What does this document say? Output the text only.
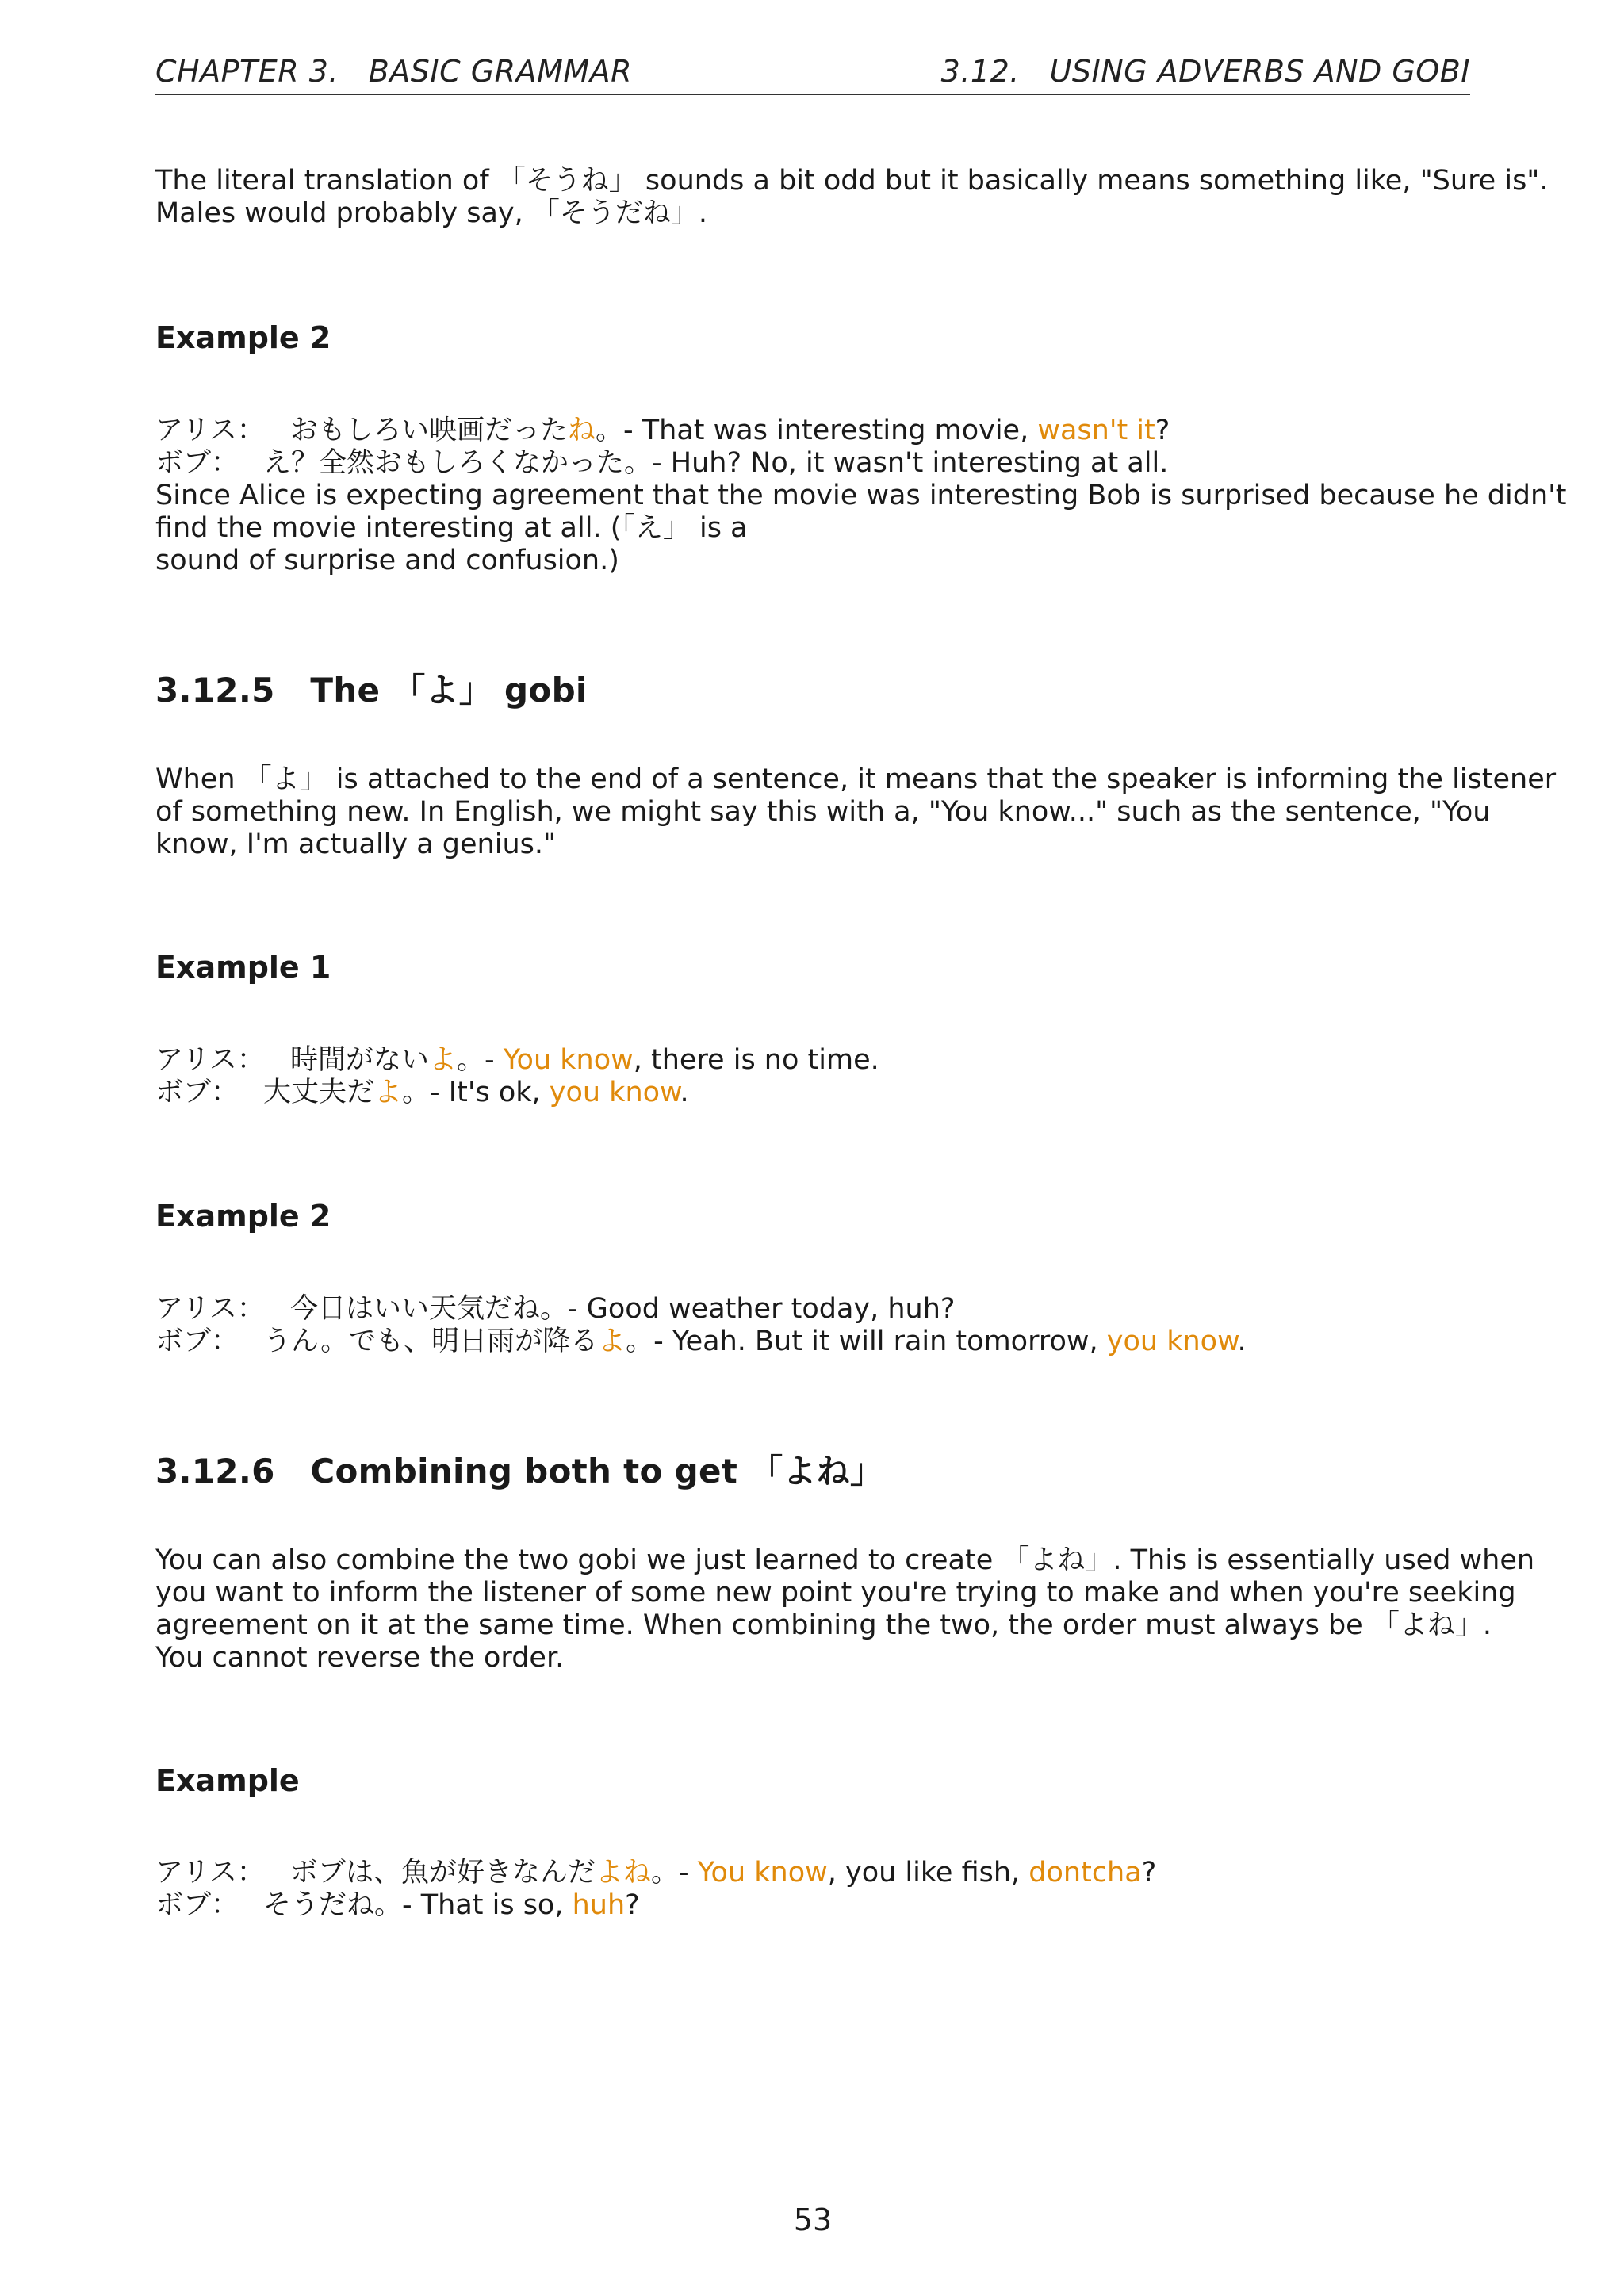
CHAPTER 3.   BASIC GRAMMAR	3.12.   USING ADVERBS AND GOBI
The literal translation of 「そうね」 sounds a bit odd but it basically means something like, "Sure is".
Males would probably say, 「そうだね」.

Example 2

アリス： おもしろい映画だったね。- That was interesting movie, wasn't it?
ボブ： え？全然おもしろくなかった。- Huh? No, it wasn't interesting at all.
Since Alice is expecting agreement that the movie was interesting Bob is surprised because he didn't
find the movie interesting at all. (「え」 is a
sound of surprise and confusion.)

3.12.5   The 「よ」 gobi

When 「よ」 is attached to the end of a sentence, it means that the speaker is informing the listener
of something new. In English, we might say this with a, "You know..." such as the sentence, "You
know, I'm actually a genius."

Example 1

アリス： 時間がないよ。- You know, there is no time.
ボブ： 大丈夫だよ。- It's ok, you know.

Example 2

アリス： 今日はいい天気だね。- Good weather today, huh?
ボブ： うん。でも、明日雨が降るよ。- Yeah. But it will rain tomorrow, you know.

3.12.6   Combining both to get 「よね」

You can also combine the two gobi we just learned to create 「よね」. This is essentially used when
you want to inform the listener of some new point you're trying to make and when you're seeking
agreement on it at the same time. When combining the two, the order must always be 「よね」.
You cannot reverse the order.

Example

アリス： ボブは、魚が好きなんだよね。- You know, you like fish, dontcha?
ボブ： そうだね。- That is so, huh?
53
